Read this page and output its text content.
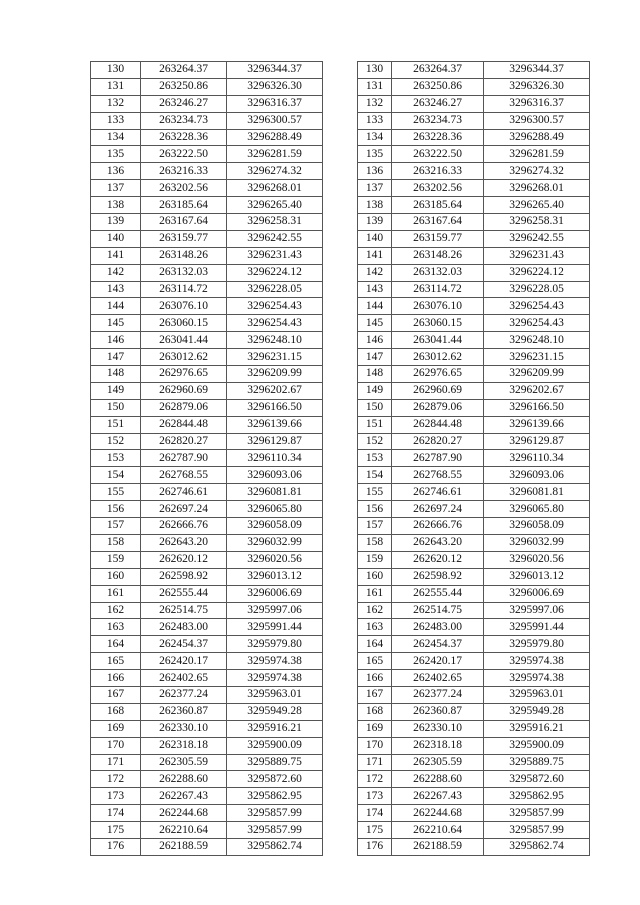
130	263264.37	3296344.37
131	263250.86	3296326.30
132	263246.27	3296316.37
133	263234.73	3296300.57
134	263228.36	3296288.49
135	263222.50	3296281.59
136	263216.33	3296274.32
137	263202.56	3296268.01
138	263185.64	3296265.40
139	263167.64	3296258.31
140	263159.77	3296242.55
141	263148.26	3296231.43
142	263132.03	3296224.12
143	263114.72	3296228.05
144	263076.10	3296254.43
145	263060.15	3296254.43
146	263041.44	3296248.10
147	263012.62	3296231.15
148	262976.65	3296209.99
149	262960.69	3296202.67
150	262879.06	3296166.50
151	262844.48	3296139.66
152	262820.27	3296129.87
153	262787.90	3296110.34
154	262768.55	3296093.06
155	262746.61	3296081.81
156	262697.24	3296065.80
157	262666.76	3296058.09
158	262643.20	3296032.99
159	262620.12	3296020.56
160	262598.92	3296013.12
161	262555.44	3296006.69
162	262514.75	3295997.06
163	262483.00	3295991.44
164	262454.37	3295979.80
165	262420.17	3295974.38
166	262402.65	3295974.38
167	262377.24	3295963.01
168	262360.87	3295949.28
169	262330.10	3295916.21
170	262318.18	3295900.09
171	262305.59	3295889.75
172	262288.60	3295872.60
173	262267.43	3295862.95
174	262244.68	3295857.99
175	262210.64	3295857.99
176	262188.59	3295862.74
130	263264.37	3296344.37
131	263250.86	3296326.30
132	263246.27	3296316.37
133	263234.73	3296300.57
134	263228.36	3296288.49
135	263222.50	3296281.59
136	263216.33	3296274.32
137	263202.56	3296268.01
138	263185.64	3296265.40
139	263167.64	3296258.31
140	263159.77	3296242.55
141	263148.26	3296231.43
142	263132.03	3296224.12
143	263114.72	3296228.05
144	263076.10	3296254.43
145	263060.15	3296254.43
146	263041.44	3296248.10
147	263012.62	3296231.15
148	262976.65	3296209.99
149	262960.69	3296202.67
150	262879.06	3296166.50
151	262844.48	3296139.66
152	262820.27	3296129.87
153	262787.90	3296110.34
154	262768.55	3296093.06
155	262746.61	3296081.81
156	262697.24	3296065.80
157	262666.76	3296058.09
158	262643.20	3296032.99
159	262620.12	3296020.56
160	262598.92	3296013.12
161	262555.44	3296006.69
162	262514.75	3295997.06
163	262483.00	3295991.44
164	262454.37	3295979.80
165	262420.17	3295974.38
166	262402.65	3295974.38
167	262377.24	3295963.01
168	262360.87	3295949.28
169	262330.10	3295916.21
170	262318.18	3295900.09
171	262305.59	3295889.75
172	262288.60	3295872.60
173	262267.43	3295862.95
174	262244.68	3295857.99
175	262210.64	3295857.99
176	262188.59	3295862.74
